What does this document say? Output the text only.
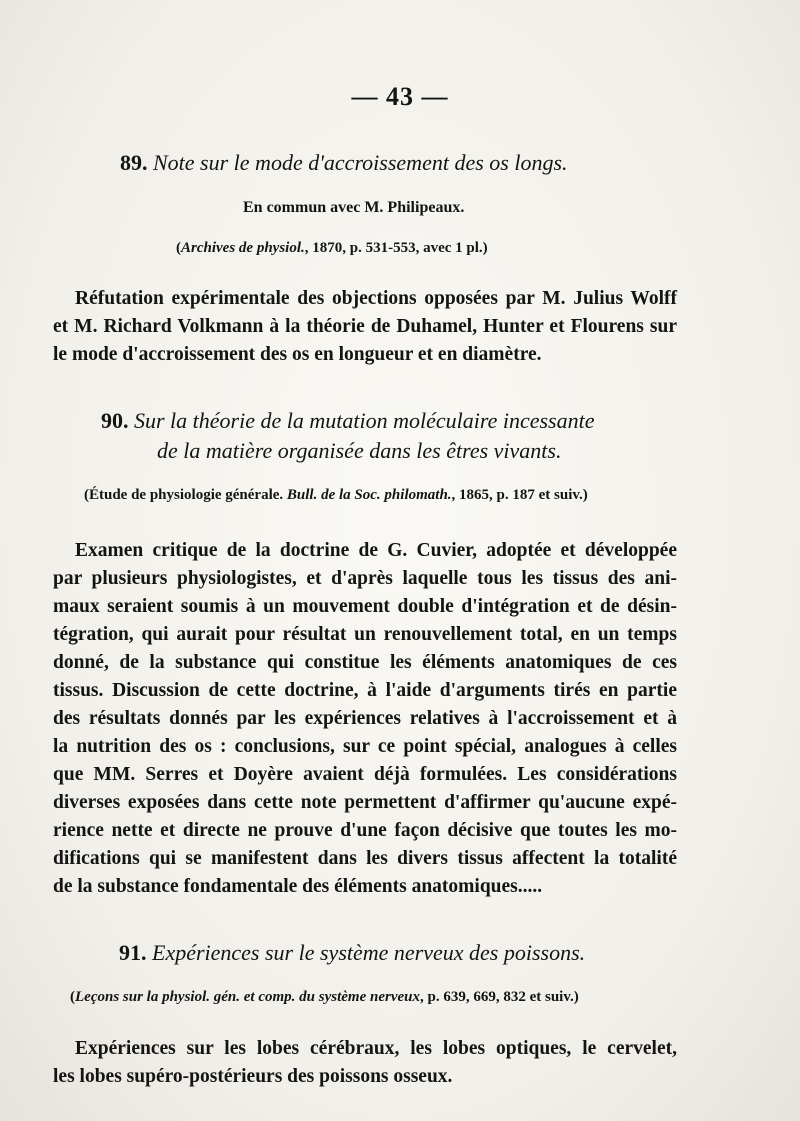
— 43 —
89. Note sur le mode d'accroissement des os longs.
En commun avec M. Philipeaux.
(Archives de physiol., 1870, p. 531-553, avec 1 pl.)
Réfutation expérimentale des objections opposées par M. Julius Wolff
et M. Richard Volkmann à la théorie de Duhamel, Hunter et Flourens sur
le mode d'accroissement des os en longueur et en diamètre.
90. Sur la théorie de la mutation moléculaire incessante
de la matière organisée dans les êtres vivants.
(Étude de physiologie générale. Bull. de la Soc. philomath., 1865, p. 187 et suiv.)
Examen critique de la doctrine de G. Cuvier, adoptée et développée
par plusieurs physiologistes, et d'après laquelle tous les tissus des ani-
maux seraient soumis à un mouvement double d'intégration et de désin-
tégration, qui aurait pour résultat un renouvellement total, en un temps
donné, de la substance qui constitue les éléments anatomiques de ces
tissus. Discussion de cette doctrine, à l'aide d'arguments tirés en partie
des résultats donnés par les expériences relatives à l'accroissement et à
la nutrition des os : conclusions, sur ce point spécial, analogues à celles
que MM. Serres et Doyère avaient déjà formulées. Les considérations
diverses exposées dans cette note permettent d'affirmer qu'aucune expé-
rience nette et directe ne prouve d'une façon décisive que toutes les mo-
difications qui se manifestent dans les divers tissus affectent la totalité
de la substance fondamentale des éléments anatomiques.....
91. Expériences sur le système nerveux des poissons.
(Leçons sur la physiol. gén. et comp. du système nerveux, p. 639, 669, 832 et suiv.)
Expériences sur les lobes cérébraux, les lobes optiques, le cervelet,
les lobes supéro-postérieurs des poissons osseux.
